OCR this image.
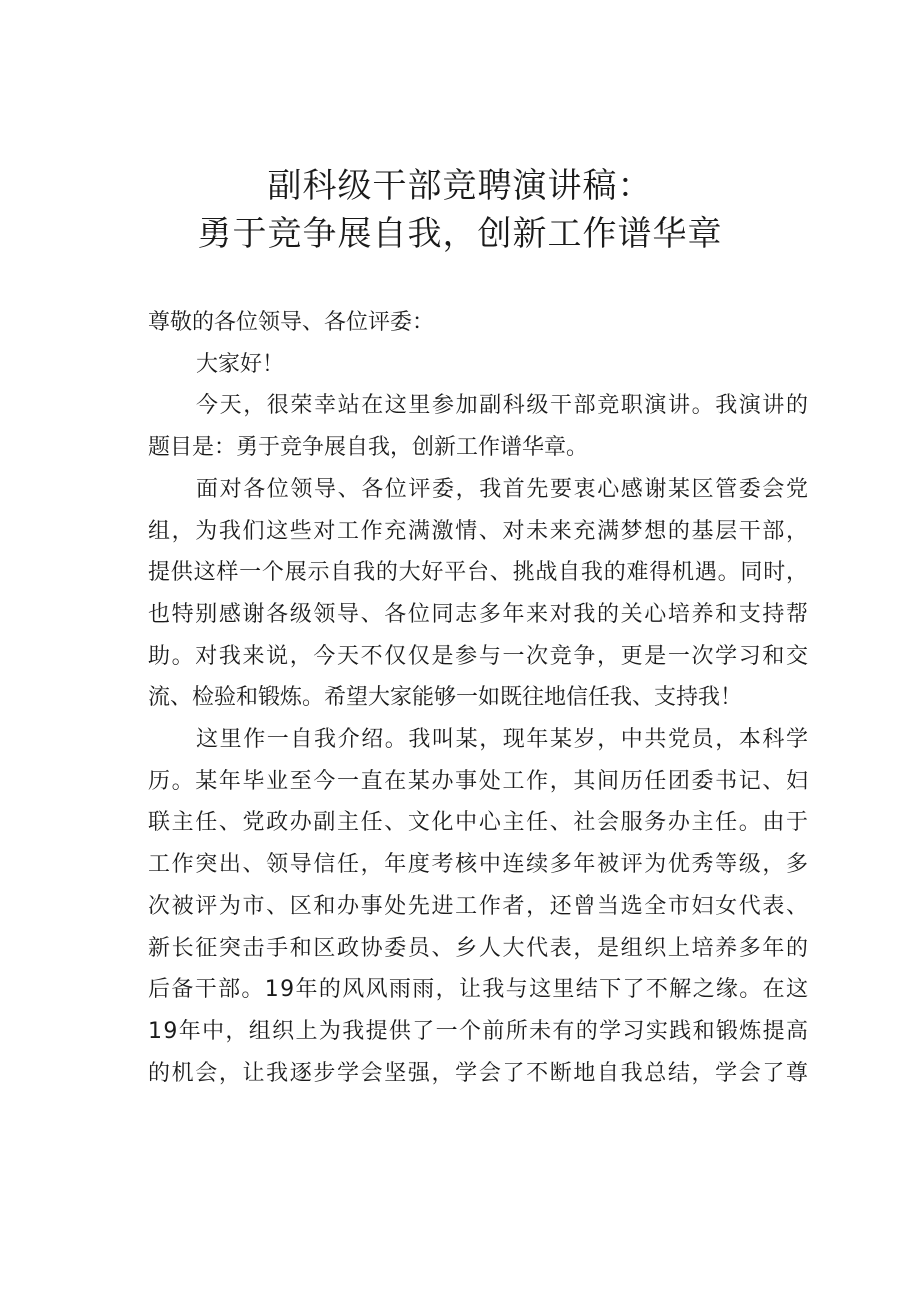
副科级干部竞聘演讲稿：
勇于竞争展自我，创新工作谱华章
尊敬的各位领导、各位评委：
大家好！
今天，很荣幸站在这里参加副科级干部竞职演讲。我演讲的
题目是：勇于竞争展自我，创新工作谱华章。
面对各位领导、各位评委，我首先要衷心感谢某区管委会党
组，为我们这些对工作充满激情、对未来充满梦想的基层干部，
提供这样一个展示自我的大好平台、挑战自我的难得机遇。同时，
也特别感谢各级领导、各位同志多年来对我的关心培养和支持帮
助。对我来说，今天不仅仅是参与一次竞争，更是一次学习和交
流、检验和锻炼。希望大家能够一如既往地信任我、支持我！
这里作一自我介绍。我叫某，现年某岁，中共党员，本科学
历。某年毕业至今一直在某办事处工作，其间历任团委书记、妇
联主任、党政办副主任、文化中心主任、社会服务办主任。由于
工作突出、领导信任，年度考核中连续多年被评为优秀等级，多
次被评为市、区和办事处先进工作者，还曾当选全市妇女代表、
新长征突击手和区政协委员、乡人大代表，是组织上培养多年的
后备干部。19年的风风雨雨，让我与这里结下了不解之缘。在这
19年中，组织上为我提供了一个前所未有的学习实践和锻炼提高
的机会，让我逐步学会坚强，学会了不断地自我总结，学会了尊
